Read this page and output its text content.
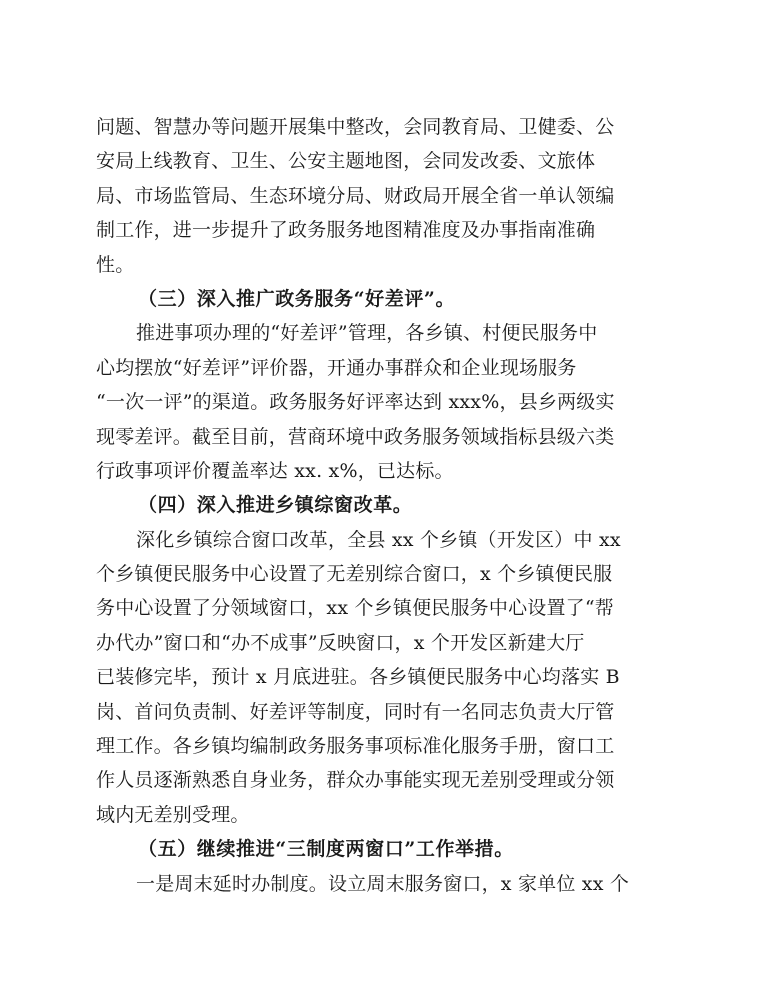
问题、智慧办等问题开展集中整改，会同教育局、卫健委、公
安局上线教育、卫生、公安主题地图，会同发改委、文旅体
局、市场监管局、生态环境分局、财政局开展全省一单认领编
制工作，进一步提升了政务服务地图精准度及办事指南准确
性。
（三）深入推广政务服务“好差评”。
推进事项办理的“好差评”管理，各乡镇、村便民服务中
心均摆放“好差评”评价器，开通办事群众和企业现场服务
“一次一评”的渠道。政务服务好评率达到 xxx%，县乡两级实
现零差评。截至目前，营商环境中政务服务领域指标县级六类
行政事项评价覆盖率达 xx. x%，已达标。
（四）深入推进乡镇综窗改革。
深化乡镇综合窗口改革，全县 xx 个乡镇（开发区）中 xx
个乡镇便民服务中心设置了无差别综合窗口，x 个乡镇便民服
务中心设置了分领域窗口，xx 个乡镇便民服务中心设置了“帮
办代办”窗口和“办不成事”反映窗口，x 个开发区新建大厅
已装修完毕，预计 x 月底进驻。各乡镇便民服务中心均落实 B
岗、首问负责制、好差评等制度，同时有一名同志负责大厅管
理工作。各乡镇均编制政务服务事项标准化服务手册，窗口工
作人员逐渐熟悉自身业务，群众办事能实现无差别受理或分领
域内无差别受理。
（五）继续推进“三制度两窗口”工作举措。
一是周末延时办制度。设立周末服务窗口，x 家单位 xx 个
